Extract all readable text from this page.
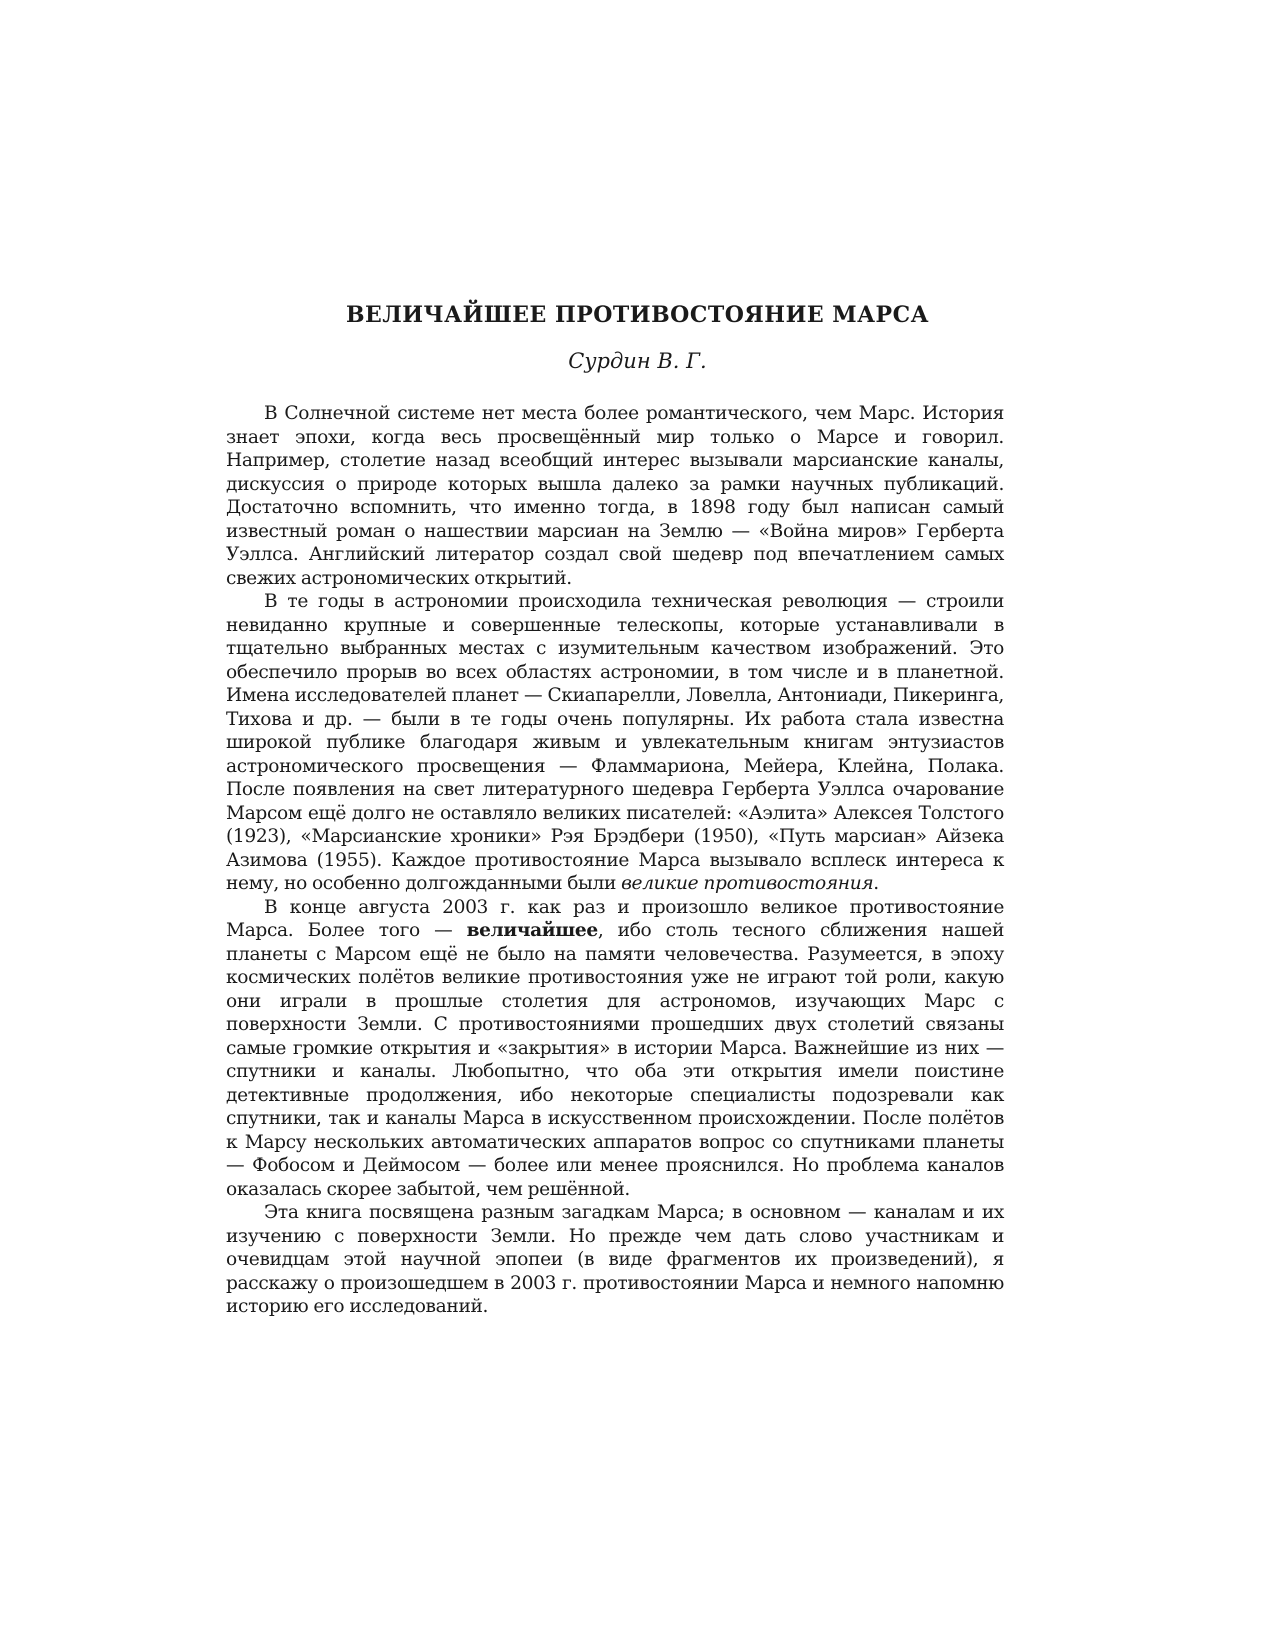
ВЕЛИЧАЙШЕЕ ПРОТИВОСТОЯНИЕ МАРСА

Сурдин В. Г.

В Солнечной системе нет места более романтического, чем Марс. История знает эпохи, когда весь просвещённый мир только о Марсе и говорил. Например, столетие назад всеобщий интерес вызывали марсианские каналы, дискуссия о природе которых вышла далеко за рамки научных публикаций. Достаточно вспомнить, что именно тогда, в 1898 году был написан самый известный роман о нашествии марсиан на Землю — «Война миров» Герберта Уэллса. Английский литератор создал свой шедевр под впечатлением самых свежих астрономических открытий.

В те годы в астрономии происходила техническая революция — строили невиданно крупные и совершенные телескопы, которые устанавливали в тщательно выбранных местах с изумительным качеством изображений. Это обеспечило прорыв во всех областях астрономии, в том числе и в планетной. Имена исследователей планет — Скиапарелли, Ловелла, Антониади, Пикеринга, Тихова и др. — были в те годы очень популярны. Их работа стала известна широкой публике благодаря живым и увлекательным книгам энтузиастов астрономического просвещения — Фламмариона, Мейера, Клейна, Полака. После появления на свет литературного шедевра Герберта Уэллса очарование Марсом ещё долго не оставляло великих писателей: «Аэлита» Алексея Толстого (1923), «Марсианские хроники» Рэя Брэдбери (1950), «Путь марсиан» Айзека Азимова (1955). Каждое противостояние Марса вызывало всплеск интереса к нему, но особенно долгожданными были великие противостояния.

В конце августа 2003 г. как раз и произошло великое противостояние Марса. Более того — величайшее, ибо столь тесного сближения нашей планеты с Марсом ещё не было на памяти человечества. Разумеется, в эпоху космических полётов великие противостояния уже не играют той роли, какую они играли в прошлые столетия для астрономов, изучающих Марс с поверхности Земли. С противостояниями прошедших двух столетий связаны самые громкие открытия и «закрытия» в истории Марса. Важнейшие из них — спутники и каналы. Любопытно, что оба эти открытия имели поистине детективные продолжения, ибо некоторые специалисты подозревали как спутники, так и каналы Марса в искусственном происхождении. После полётов к Марсу нескольких автоматических аппаратов вопрос со спутниками планеты — Фобосом и Деймосом — более или менее прояснился. Но проблема каналов оказалась скорее забытой, чем решённой.

Эта книга посвящена разным загадкам Марса; в основном — каналам и их изучению с поверхности Земли. Но прежде чем дать слово участникам и очевидцам этой научной эпопеи (в виде фрагментов их произведений), я расскажу о произошедшем в 2003 г. противостоянии Марса и немного напомню историю его исследований.
